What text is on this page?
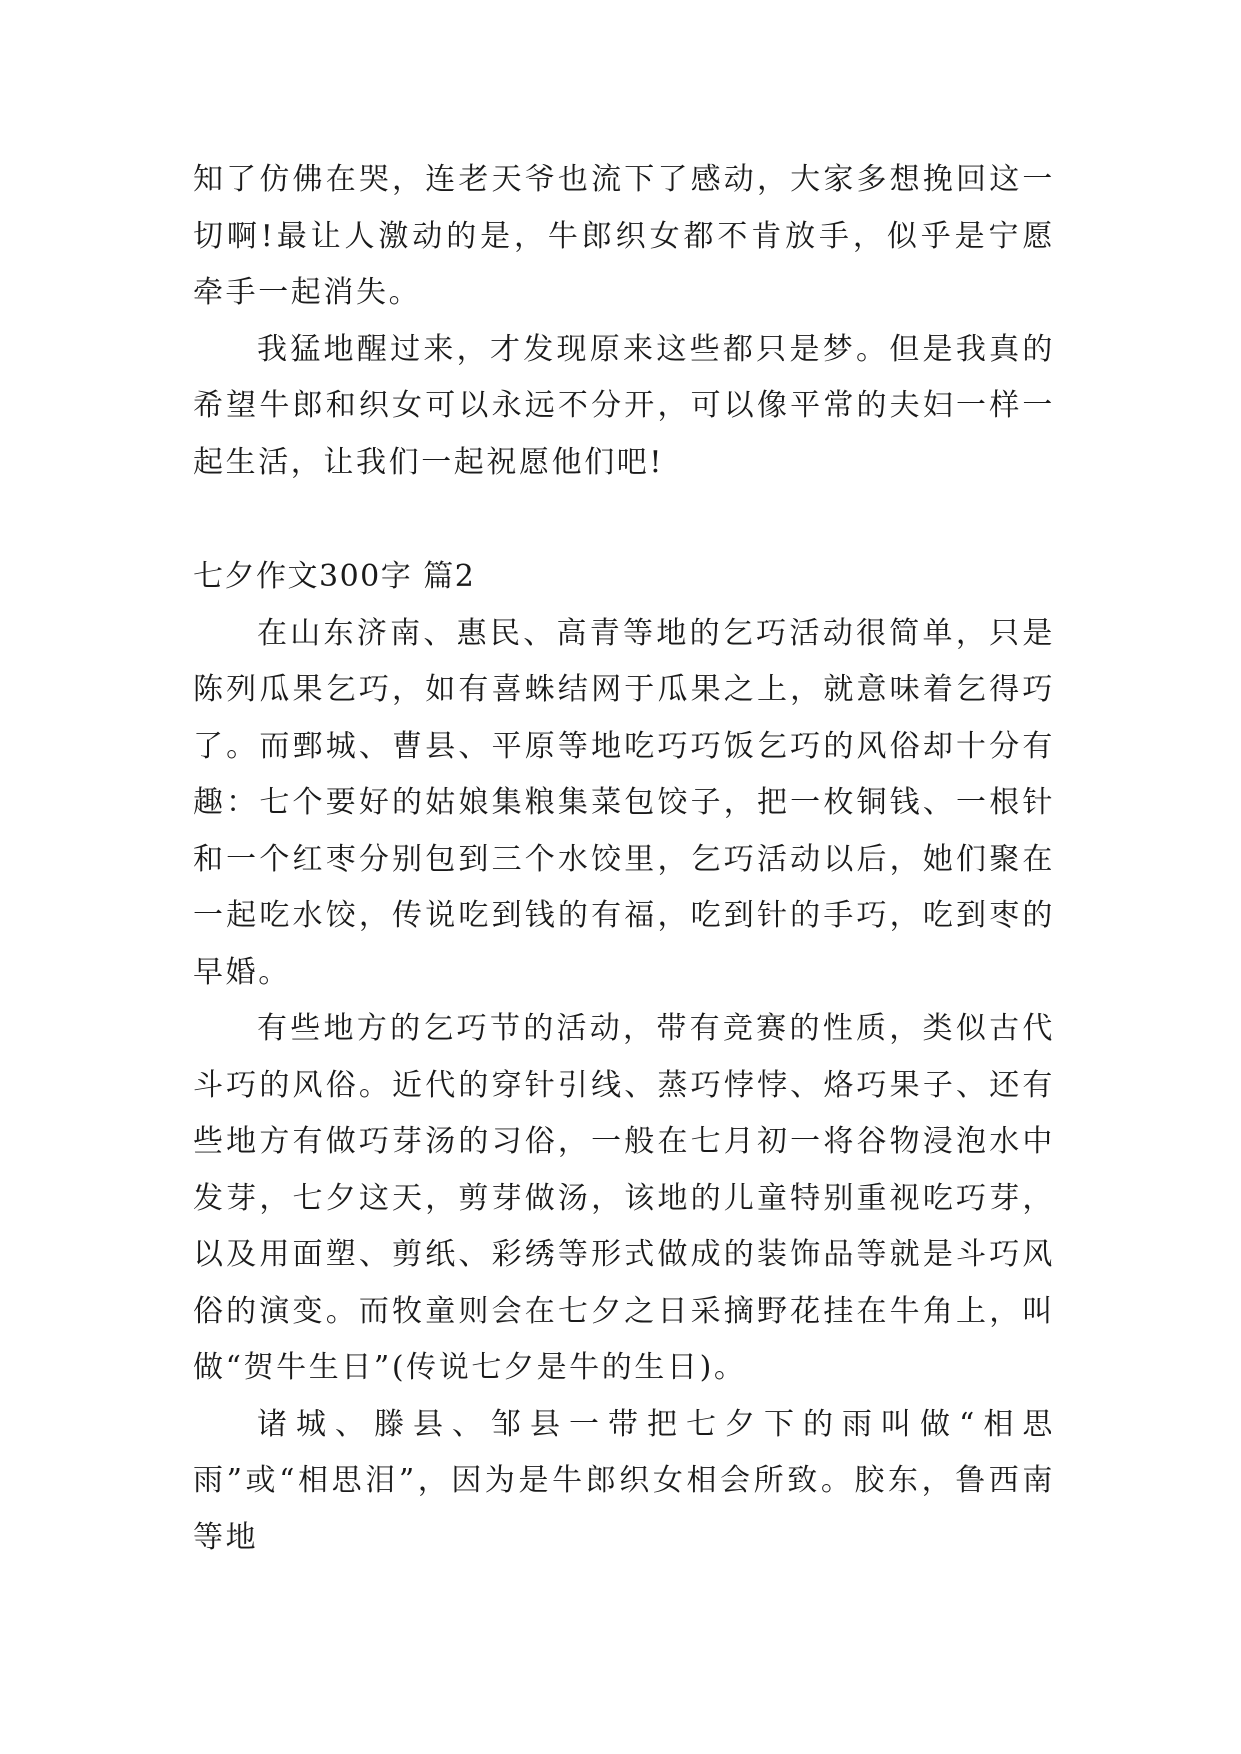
知了仿佛在哭，连老天爷也流下了感动，大家多想挽回这一切啊!最让人激动的是，牛郎织女都不肯放手，似乎是宁愿牵手一起消失。

我猛地醒过来，才发现原来这些都只是梦。但是我真的希望牛郎和织女可以永远不分开，可以像平常的夫妇一样一起生活，让我们一起祝愿他们吧!

七夕作文300字 篇2

在山东济南、惠民、高青等地的乞巧活动很简单，只是陈列瓜果乞巧，如有喜蛛结网于瓜果之上，就意味着乞得巧了。而鄄城、曹县、平原等地吃巧巧饭乞巧的风俗却十分有趣：七个要好的姑娘集粮集菜包饺子，把一枚铜钱、一根针和一个红枣分别包到三个水饺里，乞巧活动以后，她们聚在一起吃水饺，传说吃到钱的有福，吃到针的手巧，吃到枣的早婚。

有些地方的乞巧节的活动，带有竞赛的性质，类似古代斗巧的风俗。近代的穿针引线、蒸巧悖悖、烙巧果子、还有些地方有做巧芽汤的习俗，一般在七月初一将谷物浸泡水中发芽，七夕这天，剪芽做汤，该地的儿童特别重视吃巧芽，以及用面塑、剪纸、彩绣等形式做成的装饰品等就是斗巧风俗的演变。而牧童则会在七夕之日采摘野花挂在牛角上，叫做“贺牛生日”(传说七夕是牛的生日)。

诸城、滕县、邹县一带把七夕下的雨叫做“相思雨”或“相思泪”，因为是牛郎织女相会所致。胶东，鲁西南等地
